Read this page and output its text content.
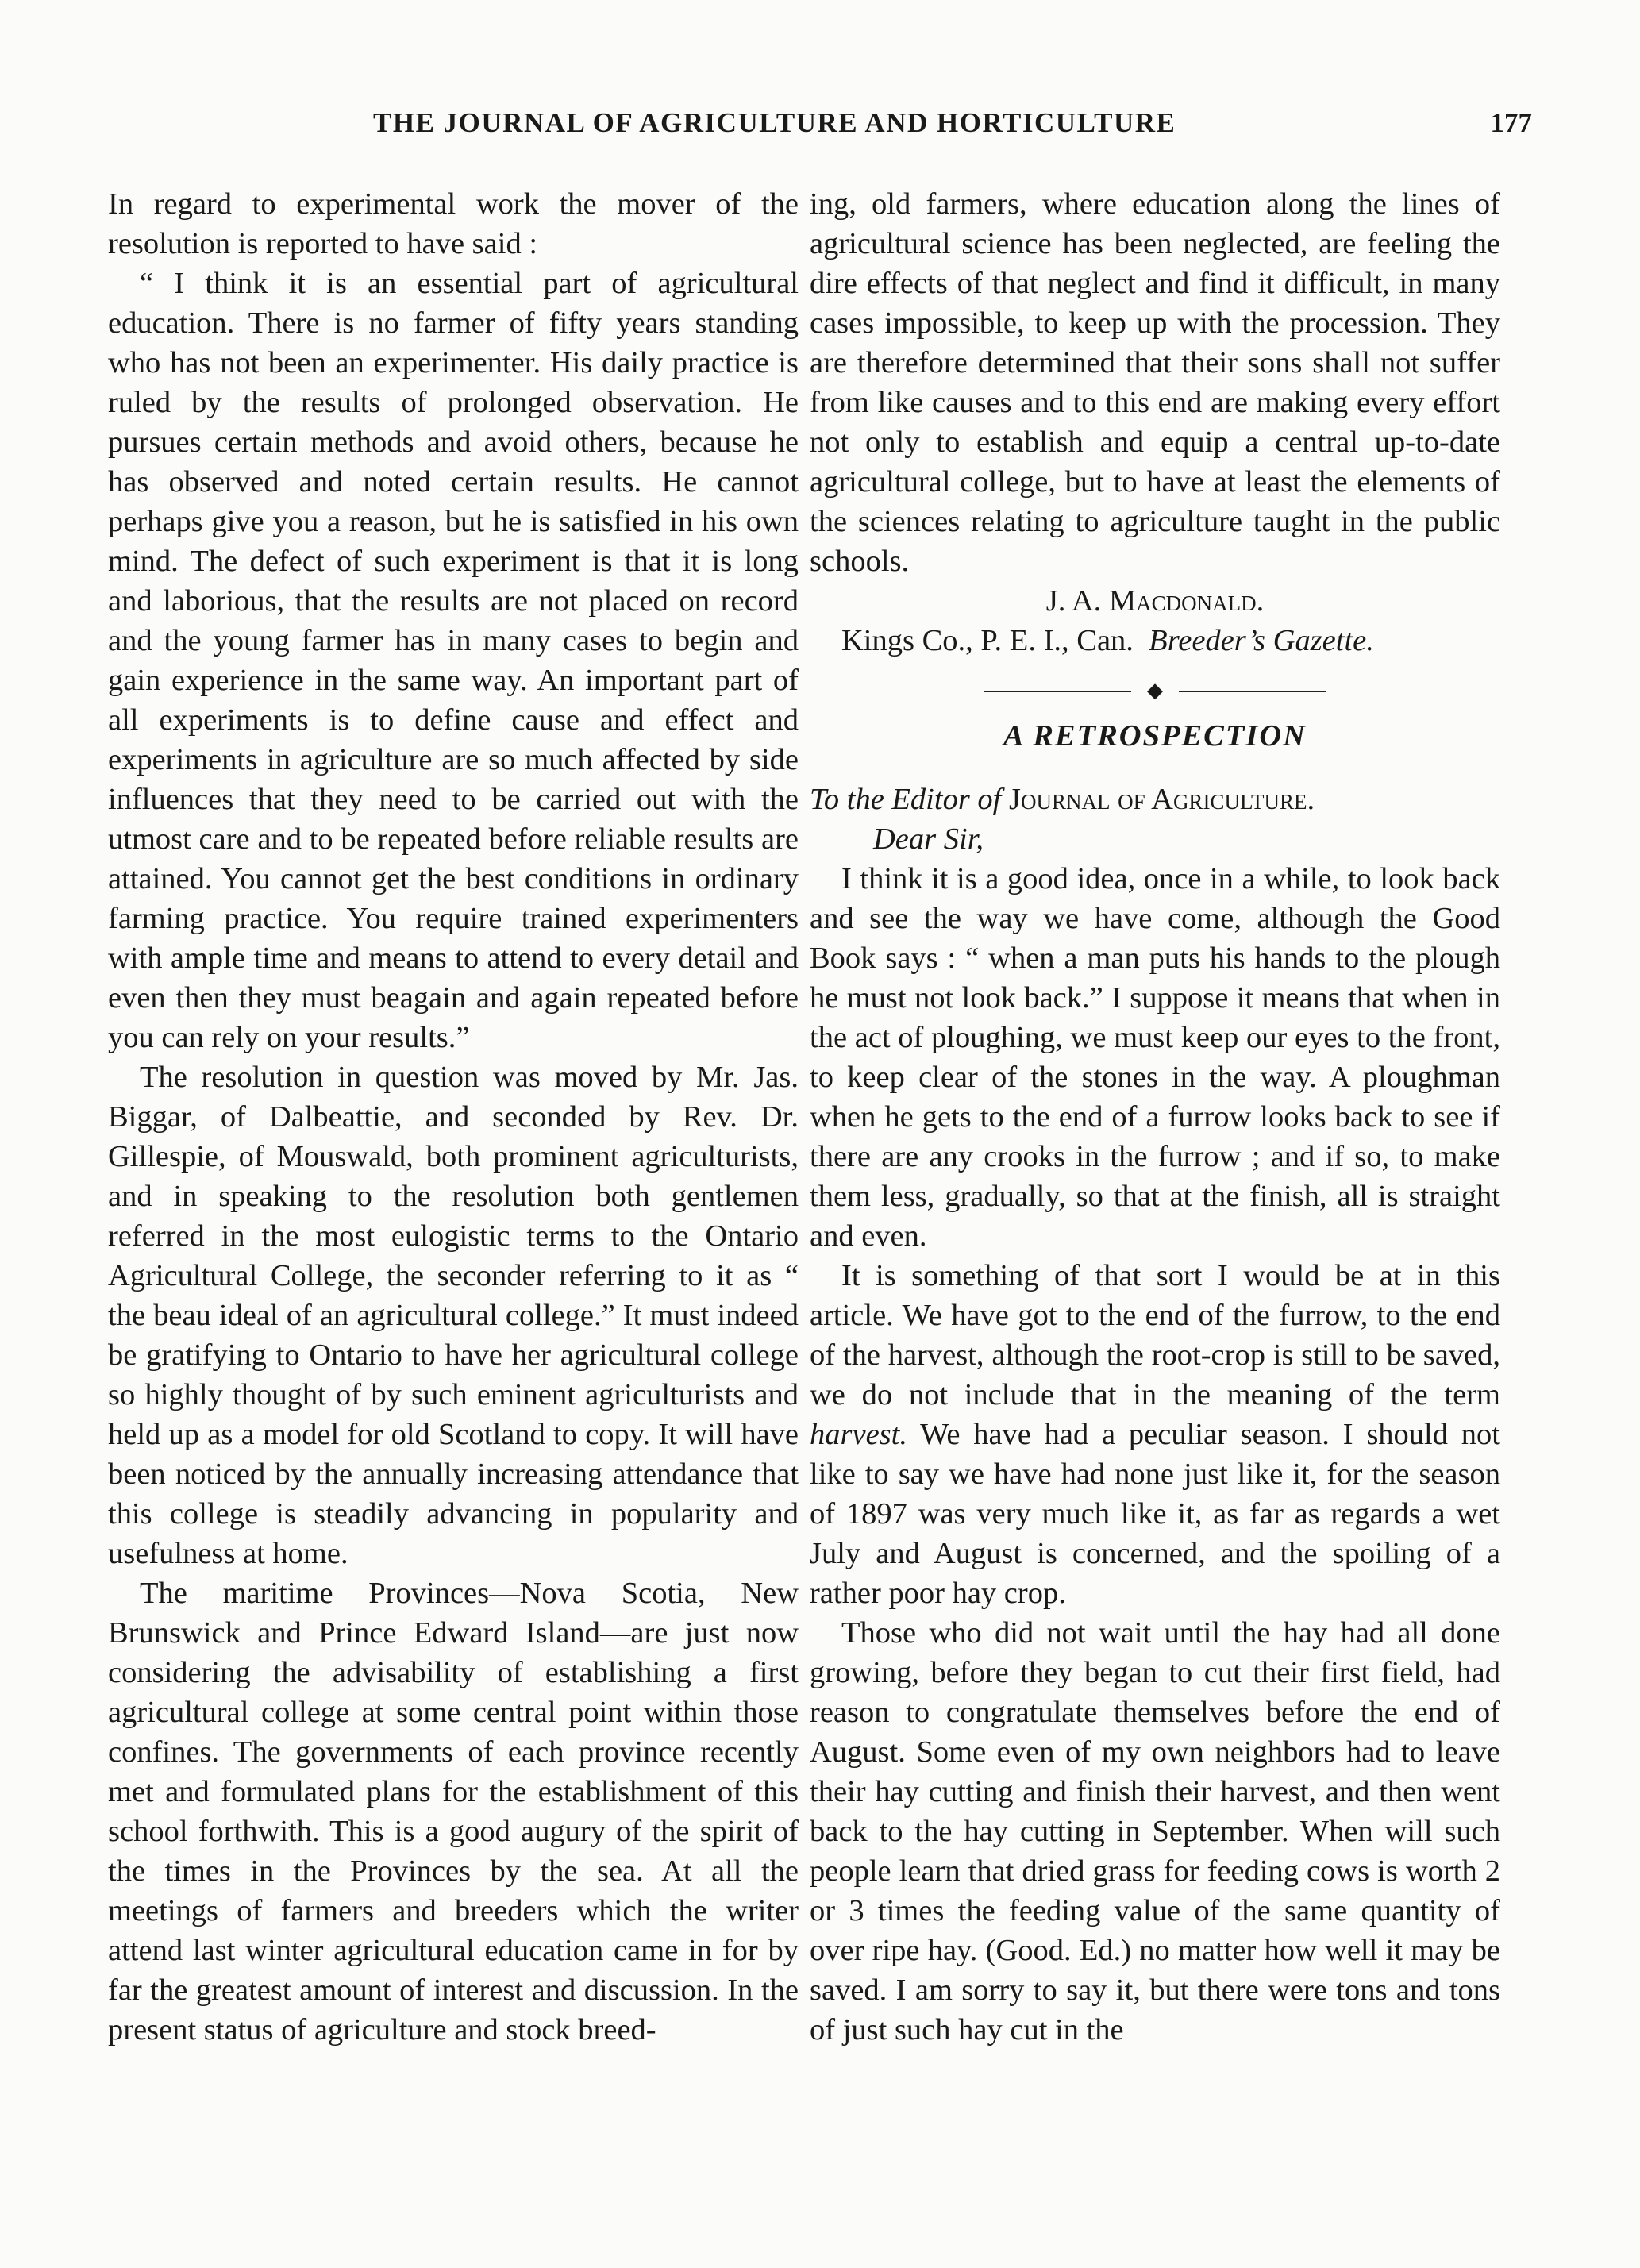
THE JOURNAL OF AGRICULTURE AND HORTICULTURE	177

In regard to experimental work the mover of the resolution is reported to have said :

“ I think it is an essential part of agricultural education. There is no farmer of fifty years standing who has not been an experimenter. His daily practice is ruled by the results of prolonged observation. He pursues certain methods and avoid others, because he has observed and noted certain results. He cannot perhaps give you a reason, but he is satisfied in his own mind. The defect of such experiment is that it is long and laborious, that the results are not placed on record and the young farmer has in many cases to begin and gain experience in the same way. An important part of all experiments is to define cause and effect and experiments in agriculture are so much affected by side influences that they need to be carried out with the utmost care and to be repeated before reliable results are attained. You cannot get the best conditions in ordinary farming practice. You require trained experimenters with ample time and means to attend to every detail and even then they must beagain and again repeated before you can rely on your results.”

The resolution in question was moved by Mr. Jas. Biggar, of Dalbeattie, and seconded by Rev. Dr. Gillespie, of Mouswald, both prominent agriculturists, and in speaking to the resolution both gentlemen referred in the most eulogistic terms to the Ontario Agricultural College, the seconder referring to it as “ the beau ideal of an agricultural college.” It must indeed be gratifying to Ontario to have her agricultural college so highly thought of by such eminent agriculturists and held up as a model for old Scotland to copy. It will have been noticed by the annually increasing attendance that this college is steadily advancing in popularity and usefulness at home.

The maritime Provinces—Nova Scotia, New Brunswick and Prince Edward Island—are just now considering the advisability of establishing a first agricultural college at some central point within those confines. The governments of each province recently met and formulated plans for the establishment of this school forthwith. This is a good augury of the spirit of the times in the Provinces by the sea. At all the meetings of farmers and breeders which the writer attend last winter agricultural education came in for by far the greatest amount of interest and discussion. In the present status of agriculture and stock breed-

ing, old farmers, where education along the lines of agricultural science has been neglected, are feeling the dire effects of that neglect and find it difficult, in many cases impossible, to keep up with the procession. They are therefore determined that their sons shall not suffer from like causes and to this end are making every effort not only to establish and equip a central up-to-date agricultural college, but to have at least the elements of the sciences relating to agriculture taught in the public schools.

J. A. Macdonald.

Kings Co., P. E. I., Can. Breeder’s Gazette.

◆

A RETROSPECTION

To the Editor of Journal of Agriculture.

Dear Sir,

I think it is a good idea, once in a while, to look back and see the way we have come, although the Good Book says : “ when a man puts his hands to the plough he must not look back.” I suppose it means that when in the act of ploughing, we must keep our eyes to the front, to keep clear of the stones in the way. A ploughman when he gets to the end of a furrow looks back to see if there are any crooks in the furrow ; and if so, to make them less, gradually, so that at the finish, all is straight and even.

It is something of that sort I would be at in this article. We have got to the end of the furrow, to the end of the harvest, although the root-crop is still to be saved, we do not include that in the meaning of the term harvest. We have had a peculiar season. I should not like to say we have had none just like it, for the season of 1897 was very much like it, as far as regards a wet July and August is concerned, and the spoiling of a rather poor hay crop.

Those who did not wait until the hay had all done growing, before they began to cut their first field, had reason to congratulate themselves before the end of August. Some even of my own neighbors had to leave their hay cutting and finish their harvest, and then went back to the hay cutting in September. When will such people learn that dried grass for feeding cows is worth 2 or 3 times the feeding value of the same quantity of over ripe hay. (Good. Ed.) no matter how well it may be saved. I am sorry to say it, but there were tons and tons of just such hay cut in the
